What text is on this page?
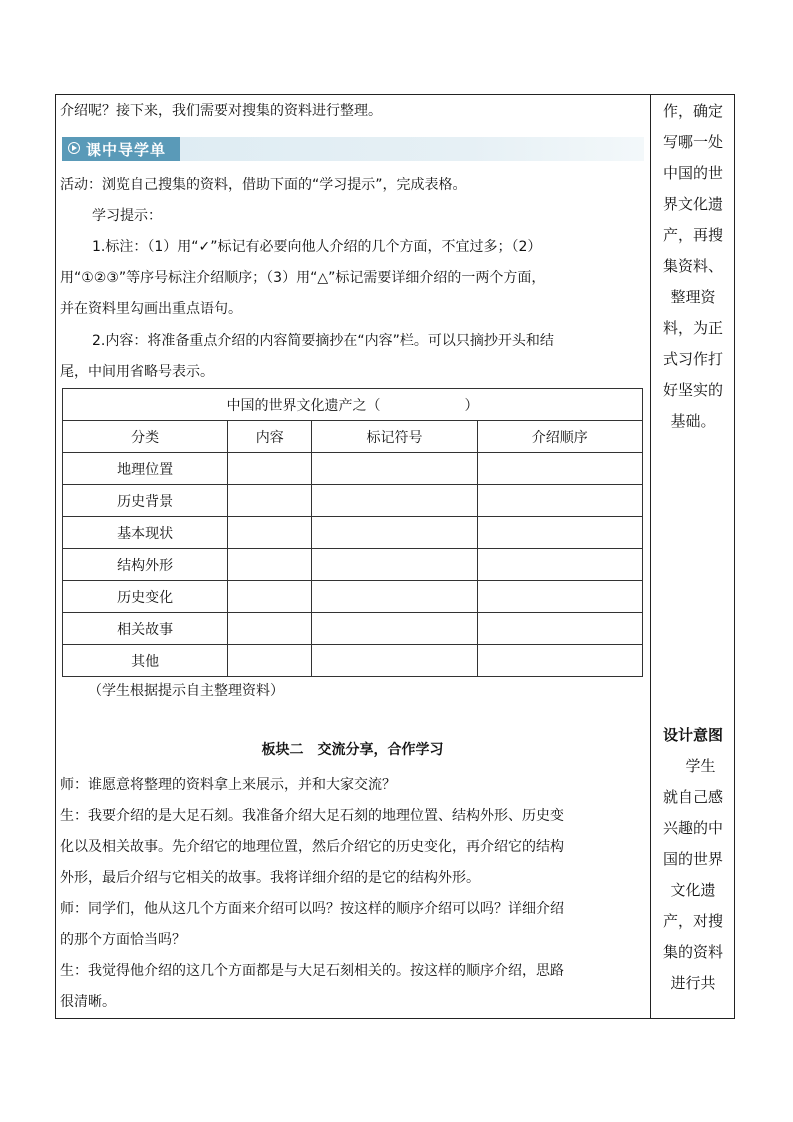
介绍呢？接下来，我们需要对搜集的资料进行整理。

课中导学单

活动：浏览自己搜集的资料，借助下面的“学习提示”，完成表格。

学习提示：

1.标注：（1）用“✓”标记有必要向他人介绍的几个方面，不宜过多；（2）

用“①②③”等序号标注介绍顺序；（3）用“△”标记需要详细介绍的一两个方面，

并在资料里勾画出重点语句。

2.内容：将准备重点介绍的内容简要摘抄在“内容”栏。可以只摘抄开头和结

尾，中间用省略号表示。

中国的世界文化遗产之（　　　　　　）			
分类	内容	标记符号	介绍顺序
地理位置			
历史背景			
基本现状			
结构外形			
历史变化			
相关故事			
其他			

（学生根据提示自主整理资料）

板块二　交流分享，合作学习

师：谁愿意将整理的资料拿上来展示，并和大家交流？

生：我要介绍的是大足石刻。我准备介绍大足石刻的地理位置、结构外形、历史变

化以及相关故事。先介绍它的地理位置，然后介绍它的历史变化，再介绍它的结构

外形，最后介绍与它相关的故事。我将详细介绍的是它的结构外形。

师：同学们，他从这几个方面来介绍可以吗？按这样的顺序介绍可以吗？详细介绍

的那个方面恰当吗？

生：我觉得他介绍的这几个方面都是与大足石刻相关的。按这样的顺序介绍，思路

很清晰。

作，确定

写哪一处

中国的世

界文化遗

产，再搜

集资料、

整理资

料，为正

式习作打

好坚实的

基础。

设计意图

　学生

就自己感

兴趣的中

国的世界

文化遗

产，对搜

集的资料

进行共
